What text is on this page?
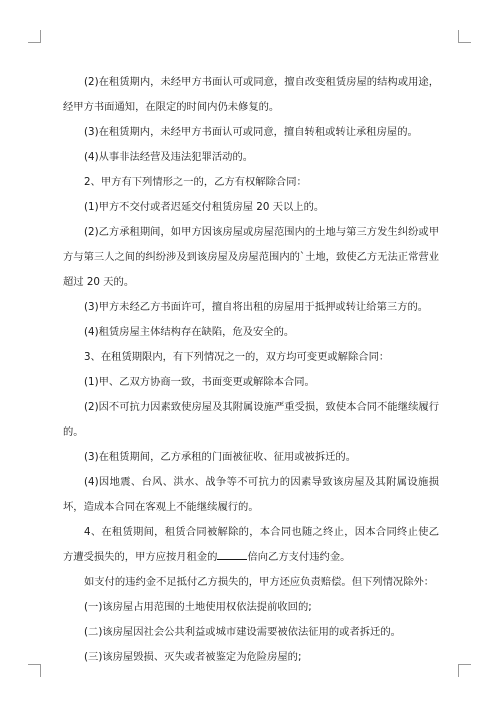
(2)在租赁期内，未经甲方书面认可或同意，擅自改变租赁房屋的结构或用途，经甲方书面通知，在限定的时间内仍未修复的。

(3)在租赁期内，未经甲方书面认可或同意，擅自转租或转让承租房屋的。

(4)从事非法经营及违法犯罪活动的。

2、甲方有下列情形之一的，乙方有权解除合同：

(1)甲方不交付或者迟延交付租赁房屋 20 天以上的。

(2)乙方承租期间，如甲方因该房屋或房屋范围内的土地与第三方发生纠纷或甲方与第三人之间的纠纷涉及到该房屋及房屋范围内的`土地，致使乙方无法正常营业超过 20 天的。

(3)甲方未经乙方书面许可，擅自将出租的房屋用于抵押或转让给第三方的。

(4)租赁房屋主体结构存在缺陷，危及安全的。

3、在租赁期限内，有下列情况之一的，双方均可变更或解除合同：

(1)甲、乙双方协商一致，书面变更或解除本合同。

(2)因不可抗力因素致使房屋及其附属设施严重受损，致使本合同不能继续履行的。

(3)在租赁期间，乙方承租的门面被征收、征用或被拆迁的。

(4)因地震、台风、洪水、战争等不可抗力的因素导致该房屋及其附属设施损坏，造成本合同在客观上不能继续履行的。

4、在租赁期间，租赁合同被解除的，本合同也随之终止，因本合同终止使乙方遭受损失的，甲方应按月租金的	倍向乙方支付违约金。

如支付的违约金不足抵付乙方损失的，甲方还应负责赔偿。但下列情况除外：

(一)该房屋占用范围的土地使用权依法提前收回的;

(二)该房屋因社会公共利益或城市建设需要被依法征用的或者拆迁的。

(三)该房屋毁损、灭失或者被鉴定为危险房屋的;
